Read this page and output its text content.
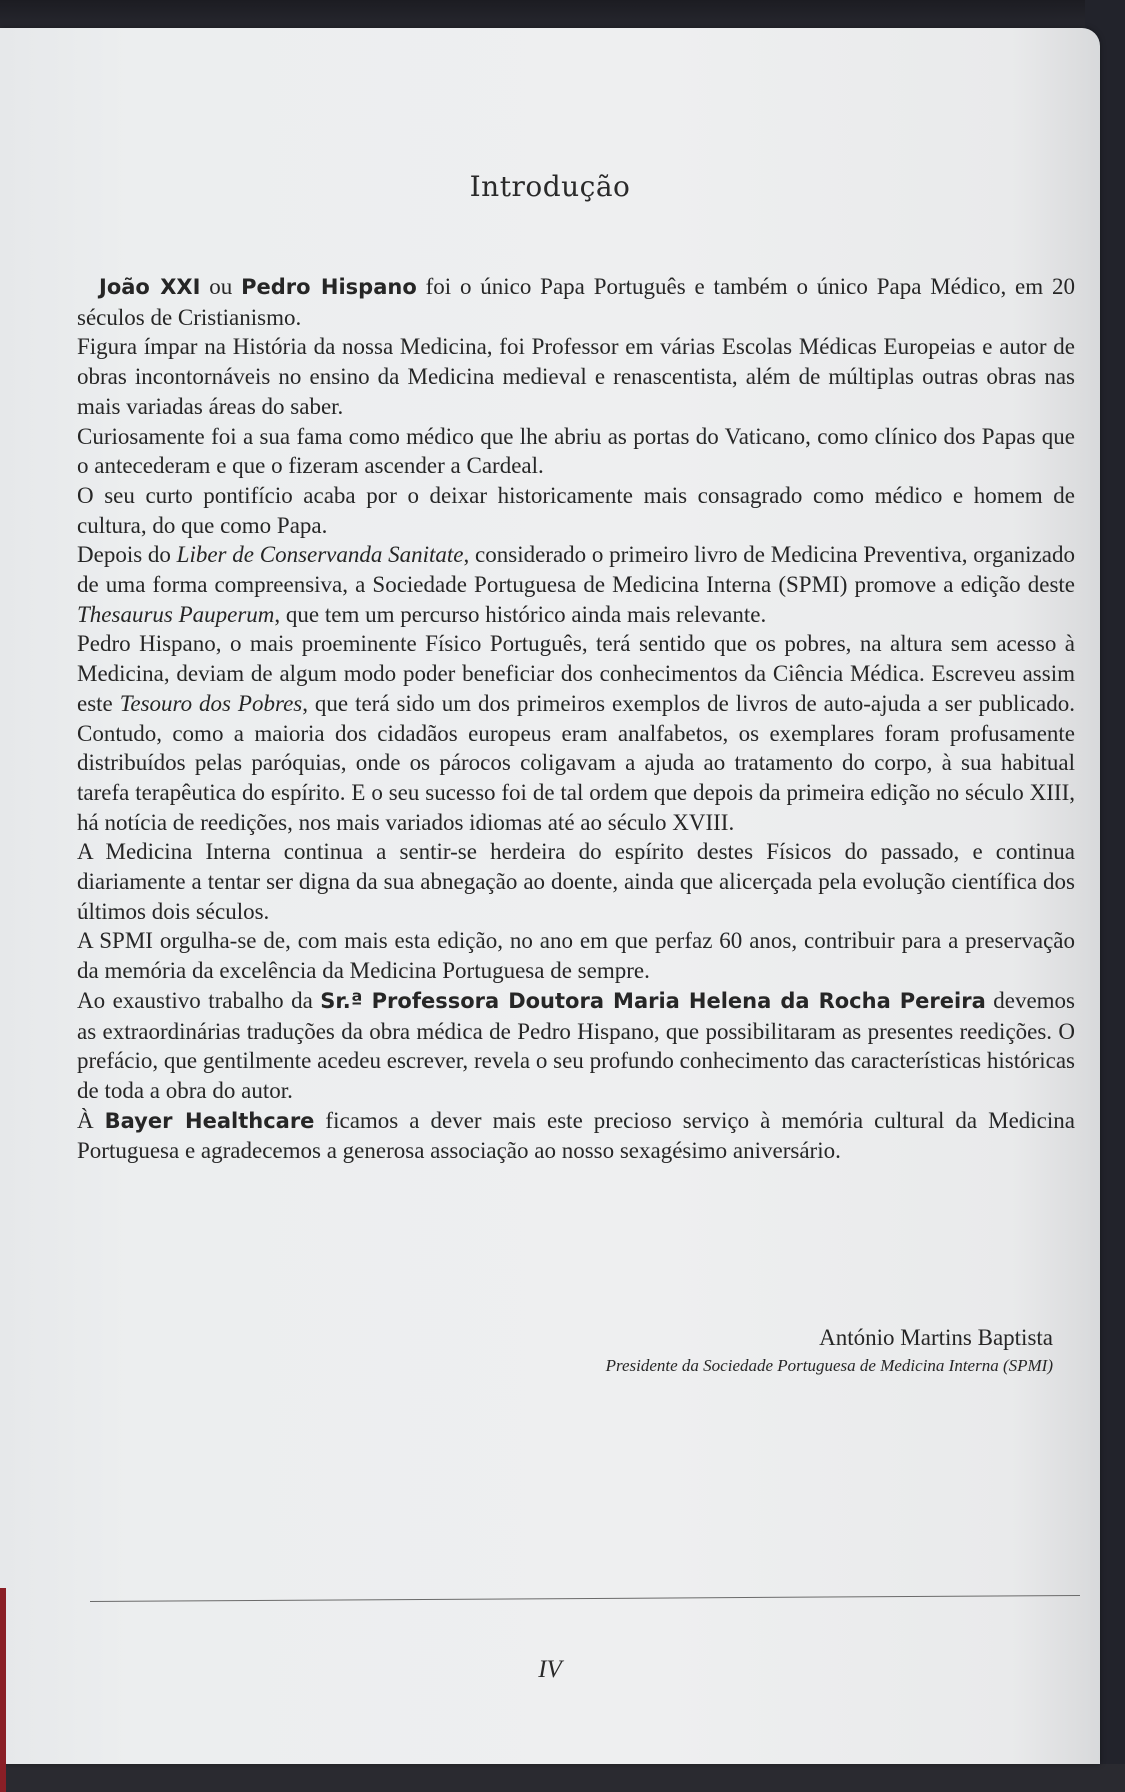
Introdução

João XXI ou Pedro Hispano foi o único Papa Português e também o único Papa Médico, em 20 séculos de Cristianismo.

Figura ímpar na História da nossa Medicina, foi Professor em várias Escolas Médicas Europeias e autor de obras incontornáveis no ensino da Medicina medieval e renascentista, além de múltiplas outras obras nas mais variadas áreas do saber.

Curiosamente foi a sua fama como médico que lhe abriu as portas do Vaticano, como clínico dos Papas que o antecederam e que o fizeram ascender a Cardeal.

O seu curto pontifício acaba por o deixar historicamente mais consagrado como médico e homem de cultura, do que como Papa.

Depois do Liber de Conservanda Sanitate, considerado o primeiro livro de Medicina Preventiva, organizado de uma forma compreensiva, a Sociedade Portuguesa de Medicina Interna (SPMI) promove a edição deste Thesaurus Pauperum, que tem um percurso histórico ainda mais relevante.

Pedro Hispano, o mais proeminente Físico Português, terá sentido que os pobres, na altura sem acesso à Medicina, deviam de algum modo poder beneficiar dos conhecimentos da Ciência Médica. Escreveu assim este Tesouro dos Pobres, que terá sido um dos primeiros exemplos de livros de auto-ajuda a ser publicado. Contudo, como a maioria dos cidadãos europeus eram analfabetos, os exemplares foram profusamente distribuídos pelas paróquias, onde os párocos coligavam a ajuda ao tratamento do corpo, à sua habitual tarefa terapêutica do espírito. E o seu sucesso foi de tal ordem que depois da primeira edição no século XIII, há notícia de reedições, nos mais variados idiomas até ao século XVIII.

A Medicina Interna continua a sentir-se herdeira do espírito destes Físicos do passado, e continua diariamente a tentar ser digna da sua abnegação ao doente, ainda que alicerçada pela evolução científica dos últimos dois séculos.

A SPMI orgulha-se de, com mais esta edição, no ano em que perfaz 60 anos, contribuir para a preservação da memória da excelência da Medicina Portuguesa de sempre.

Ao exaustivo trabalho da Sr.ª Professora Doutora Maria Helena da Rocha Pereira devemos as extraordinárias traduções da obra médica de Pedro Hispano, que possibilitaram as presentes reedições. O prefácio, que gentilmente acedeu escrever, revela o seu profundo conhecimento das características históricas de toda a obra do autor.

À Bayer Healthcare ficamos a dever mais este precioso serviço à memória cultural da Medicina Portuguesa e agradecemos a generosa associação ao nosso sexagésimo aniversário.

António Martins Baptista
Presidente da Sociedade Portuguesa de Medicina Interna (SPMI)
IV
